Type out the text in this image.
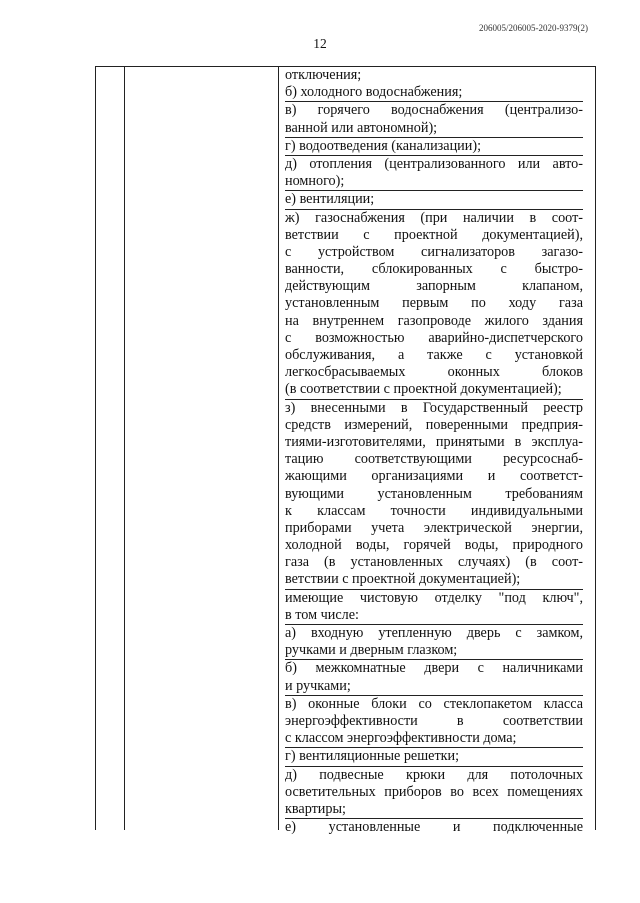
206005/206005-2020-9379(2)
12
отключения;
б) холодного водоснабжения;
в) горячего водоснабжения (централизо-
ванной или автономной);
г) водоотведения (канализации);
д) отопления (централизованного или авто-
номного);
е) вентиляции;
ж) газоснабжения (при наличии в соот-
ветствии с проектной документацией),
с устройством сигнализаторов загазо-
ванности, сблокированных с быстро-
действующим запорным клапаном,
установленным первым по ходу газа
на внутреннем газопроводе жилого здания
с возможностью аварийно-диспетчерского
обслуживания, а также с установкой
легкосбрасываемых оконных блоков
(в соответствии с проектной документацией);
з) внесенными в Государственный реестр
средств измерений, поверенными предприя-
тиями-изготовителями, принятыми в эксплуа-
тацию соответствующими ресурсоснаб-
жающими организациями и соответст-
вующими установленным требованиям
к классам точности индивидуальными
приборами учета электрической энергии,
холодной воды, горячей воды, природного
газа (в установленных случаях) (в соот-
ветствии с проектной документацией);
имеющие чистовую отделку "под ключ",
в том числе:
а) входную утепленную дверь с замком,
ручками и дверным глазком;
б) межкомнатные двери с наличниками
и ручками;
в) оконные блоки со стеклопакетом класса
энергоэффективности в соответствии
с классом энергоэффективности дома;
г) вентиляционные решетки;
д) подвесные крюки для потолочных
осветительных приборов во всех помещениях
квартиры;
е) установленные и подключенные
